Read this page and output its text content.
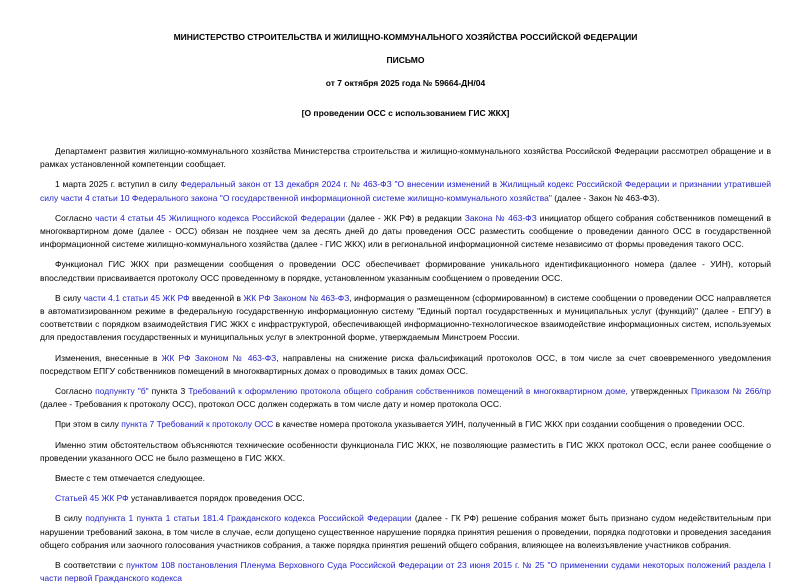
МИНИСТЕРСТВО СТРОИТЕЛЬСТВА И ЖИЛИЩНО-КОММУНАЛЬНОГО ХОЗЯЙСТВА РОССИЙСКОЙ ФЕДЕРАЦИИ
ПИСЬМО
от 7 октября 2025 года № 59664-ДН/04
[О проведении ОСС с использованием ГИС ЖКХ]

Департамент развития жилищно-коммунального хозяйства Министерства строительства и жилищно-коммунального хозяйства Российской Федерации рассмотрел обращение и в рамках установленной компетенции сообщает.

1 марта 2025 г. вступил в силу Федеральный закон от 13 декабря 2024 г. № 463-ФЗ "О внесении изменений в Жилищный кодекс Российской Федерации и признании утратившей силу части 4 статьи 10 Федерального закона "О государственной информационной системе жилищно-коммунального хозяйства" (далее - Закон № 463-ФЗ).

Согласно части 4 статьи 45 Жилищного кодекса Российской Федерации (далее - ЖК РФ) в редакции Закона № 463-ФЗ инициатор общего собрания собственников помещений в многоквартирном доме (далее - ОСС) обязан не позднее чем за десять дней до даты проведения ОСС разместить сообщение о проведении данного ОСС в государственной информационной системе жилищно-коммунального хозяйства (далее - ГИС ЖКХ) или в региональной информационной системе независимо от формы проведения такого ОСС.

Функционал ГИС ЖКХ при размещении сообщения о проведении ОСС обеспечивает формирование уникального идентификационного номера (далее - УИН), который впоследствии присваивается протоколу ОСС проведенному в порядке, установленном указанным сообщением о проведении ОСС.

В силу части 4.1 статьи 45 ЖК РФ введенной в ЖК РФ Законом № 463-ФЗ, информация о размещенном (сформированном) в системе сообщении о проведении ОСС направляется в автоматизированном режиме в федеральную государственную информационную систему "Единый портал государственных и муниципальных услуг (функций)" (далее - ЕПГУ) в соответствии с порядком взаимодействия ГИС ЖКХ с инфраструктурой, обеспечивающей информационно-технологическое взаимодействие информационных систем, используемых для предоставления государственных и муниципальных услуг в электронной форме, утверждаемым Минстроем России.

Изменения, внесенные в ЖК РФ Законом № 463-ФЗ, направлены на снижение риска фальсификаций протоколов ОСС, в том числе за счет своевременного уведомления посредством ЕПГУ собственников помещений в многоквартирных домах о проводимых в таких домах ОСС.

Согласно подпункту "б" пункта 3 Требований к оформлению протокола общего собрания собственников помещений в многоквартирном доме, утвержденных Приказом № 266/пр (далее - Требования к протоколу ОСС), протокол ОСС должен содержать в том числе дату и номер протокола ОСС.

При этом в силу пункта 7 Требований к протоколу ОСС в качестве номера протокола указывается УИН, полученный в ГИС ЖКХ при создании сообщения о проведении ОСС.

Именно этим обстоятельством объясняются технические особенности функционала ГИС ЖКХ, не позволяющие разместить в ГИС ЖКХ протокол ОСС, если ранее сообщение о проведении указанного ОСС не было размещено в ГИС ЖКХ.

Вместе с тем отмечается следующее.

Статьей 45 ЖК РФ устанавливается порядок проведения ОСС.

В силу подпункта 1 пункта 1 статьи 181.4 Гражданского кодекса Российской Федерации (далее - ГК РФ) решение собрания может быть признано судом недействительным при нарушении требований закона, в том числе в случае, если допущено существенное нарушение порядка принятия решения о проведении, порядка подготовки и проведения заседания общего собрания или заочного голосования участников собрания, а также порядка принятия решений общего собрания, влияющее на волеизъявление участников собрания.

В соответствии с пунктом 108 постановления Пленума Верховного Суда Российской Федерации от 23 июня 2015 г. № 25 "О применении судами некоторых положений раздела I части первой Гражданского кодекса
